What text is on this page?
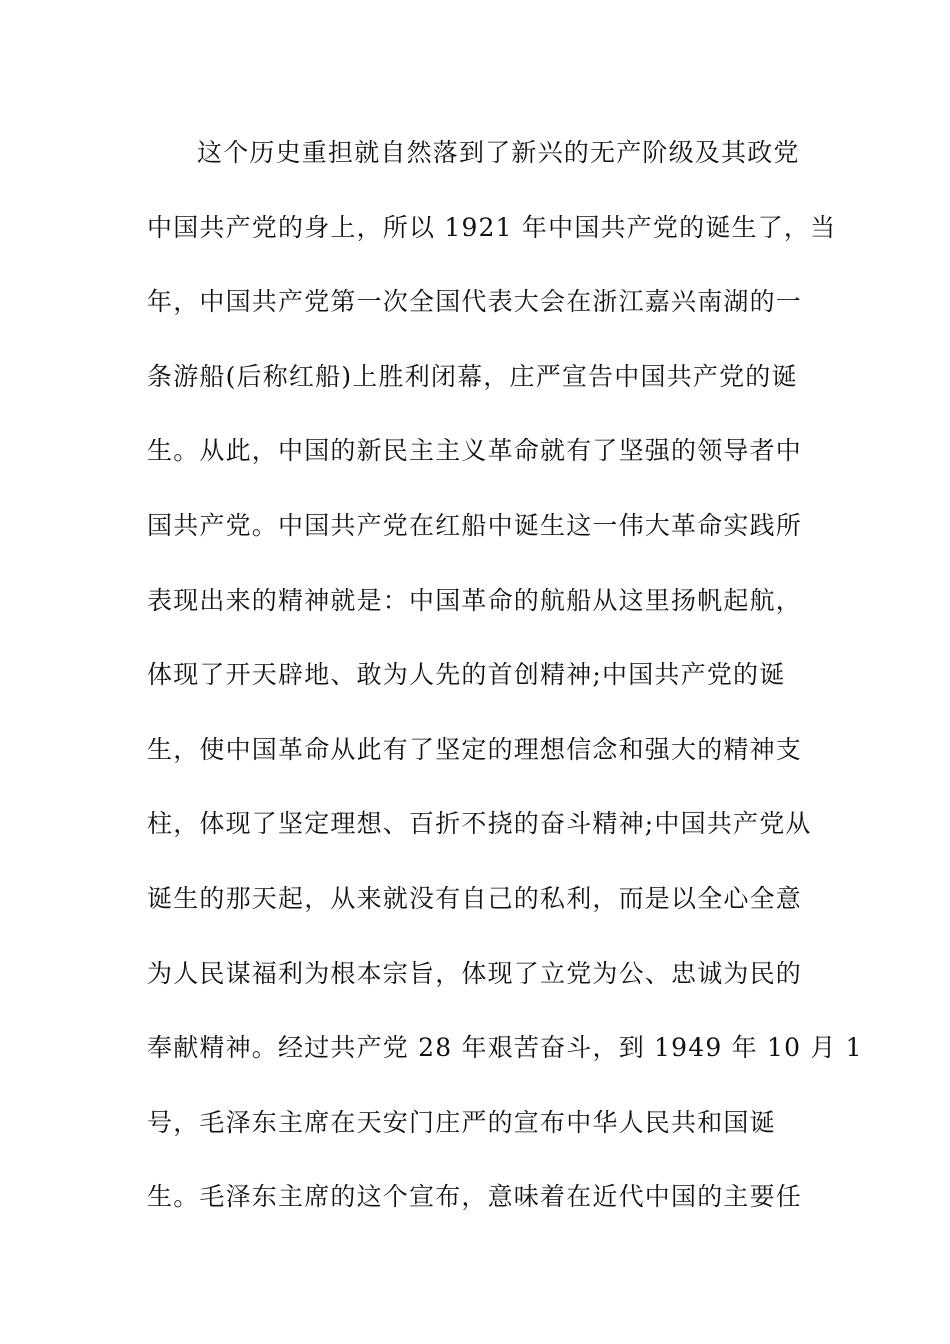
这个历史重担就自然落到了新兴的无产阶级及其政党
中国共产党的身上，所以 1921 年中国共产党的诞生了，当
年，中国共产党第一次全国代表大会在浙江嘉兴南湖的一
条游船(后称红船)上胜利闭幕，庄严宣告中国共产党的诞
生。从此，中国的新民主主义革命就有了坚强的领导者中
国共产党。中国共产党在红船中诞生这一伟大革命实践所
表现出来的精神就是：中国革命的航船从这里扬帆起航，
体现了开天辟地、敢为人先的首创精神;中国共产党的诞
生，使中国革命从此有了坚定的理想信念和强大的精神支
柱，体现了坚定理想、百折不挠的奋斗精神;中国共产党从
诞生的那天起，从来就没有自己的私利，而是以全心全意
为人民谋福利为根本宗旨，体现了立党为公、忠诚为民的
奉献精神。经过共产党 28 年艰苦奋斗，到 1949 年 10 月 1
号，毛泽东主席在天安门庄严的宣布中华人民共和国诞
生。毛泽东主席的这个宣布，意味着在近代中国的主要任
